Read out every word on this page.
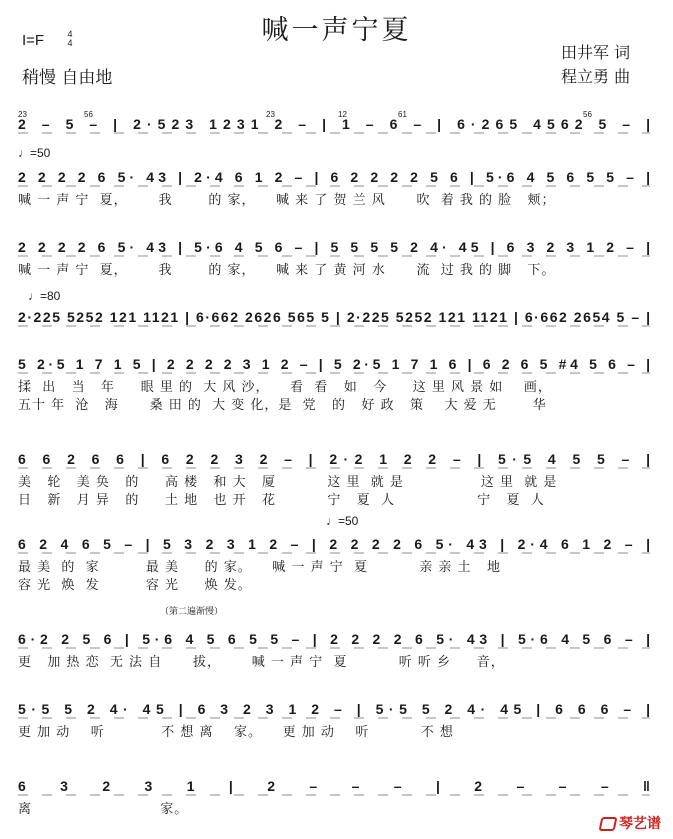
喊一声宁夏
I=F	4
4
稍慢 自由地
田井军 词
程立勇 曲
♩=50
♩=80
♩=50
（第二遍渐慢）
2 – 5 – | 2·523 1231 2 – | 1 – 6 – | 6·265 4562 5 – |
23	56	23	12	61	56
2 2 2 2 6 5· 43 | 2·4 6 1 2 – | 6 2 2 2 2 5 6 | 5·6 4 5 6 5 5 – |
喊 一 声 宁  夏，      我       的 家，    喊 来 了 贺 兰 风      吹  着 我 的 脸   颊；
2 2 2 2 6 5· 43 | 5·6 4 5 6 – | 5 5 5 5 2 4· 45 | 6 3 2 3 1 2 – |
喊 一 声 宁  夏，      我       的 家，    喊 来 了 黄 河 水      流  过 我 的 脚   下。
2·225 5252 121 1121 | 6·662 2626 565 5 | 2·225 5252 121 1121 | 6·662 2654 5 – |
5 2·5 1 7 1 5 | 2 2 2 2 3 1 2 – | 5 2·5 1 7 1 6 | 6 2 6 5 #4 5 6 – |
揉  出   当   年     眼 里 的  大 风 沙，    看  看   如   今     这 里 风 景 如    画，
五十 年  沧   海      桑 田 的  大 变 化，是  党   的   好 政   策    大 爱 无       华
6 6 2 6 6 | 6 2 2 3 2 – | 2·2 1 2 2 – | 5·5 4 5 5 – |
美   轮   美 奂   的     高 楼   和 大   厦          这 里  就 是               这 里  就 是
日   新   月 异   的     土 地   也 开   花          宁   夏  人                宁   夏  人
6 2 4 6 5 – | 5 3 2 3 1 2 – | 2 2 2 2 6 5· 43 | 2·4 6 1 2 – |
最 美  的  家         最 美     的 家。    喊 一 声 宁  夏          亲 亲 土   地
容 光  焕  发         容 光     焕 发。
6·2 2 5 6 | 5·6 4 5 6 5 5 – | 2 2 2 2 6 5· 43 | 5·6 4 5 6 – |
更   加 热 恋  无 法 自      拔，      喊 一 声 宁  夏          听 听 乡     音，
5·5 5 2 4· 45 | 6 3 2 3 1 2 – | 5·5 5 2 4· 45 | 6 6 6 – |
更 加 动    听           不 想 离    家。    更 加 动    听          不 想
6 3 2 3 1 | 2 – – – | 2 – – – ‖
离                         家。
琴艺谱
